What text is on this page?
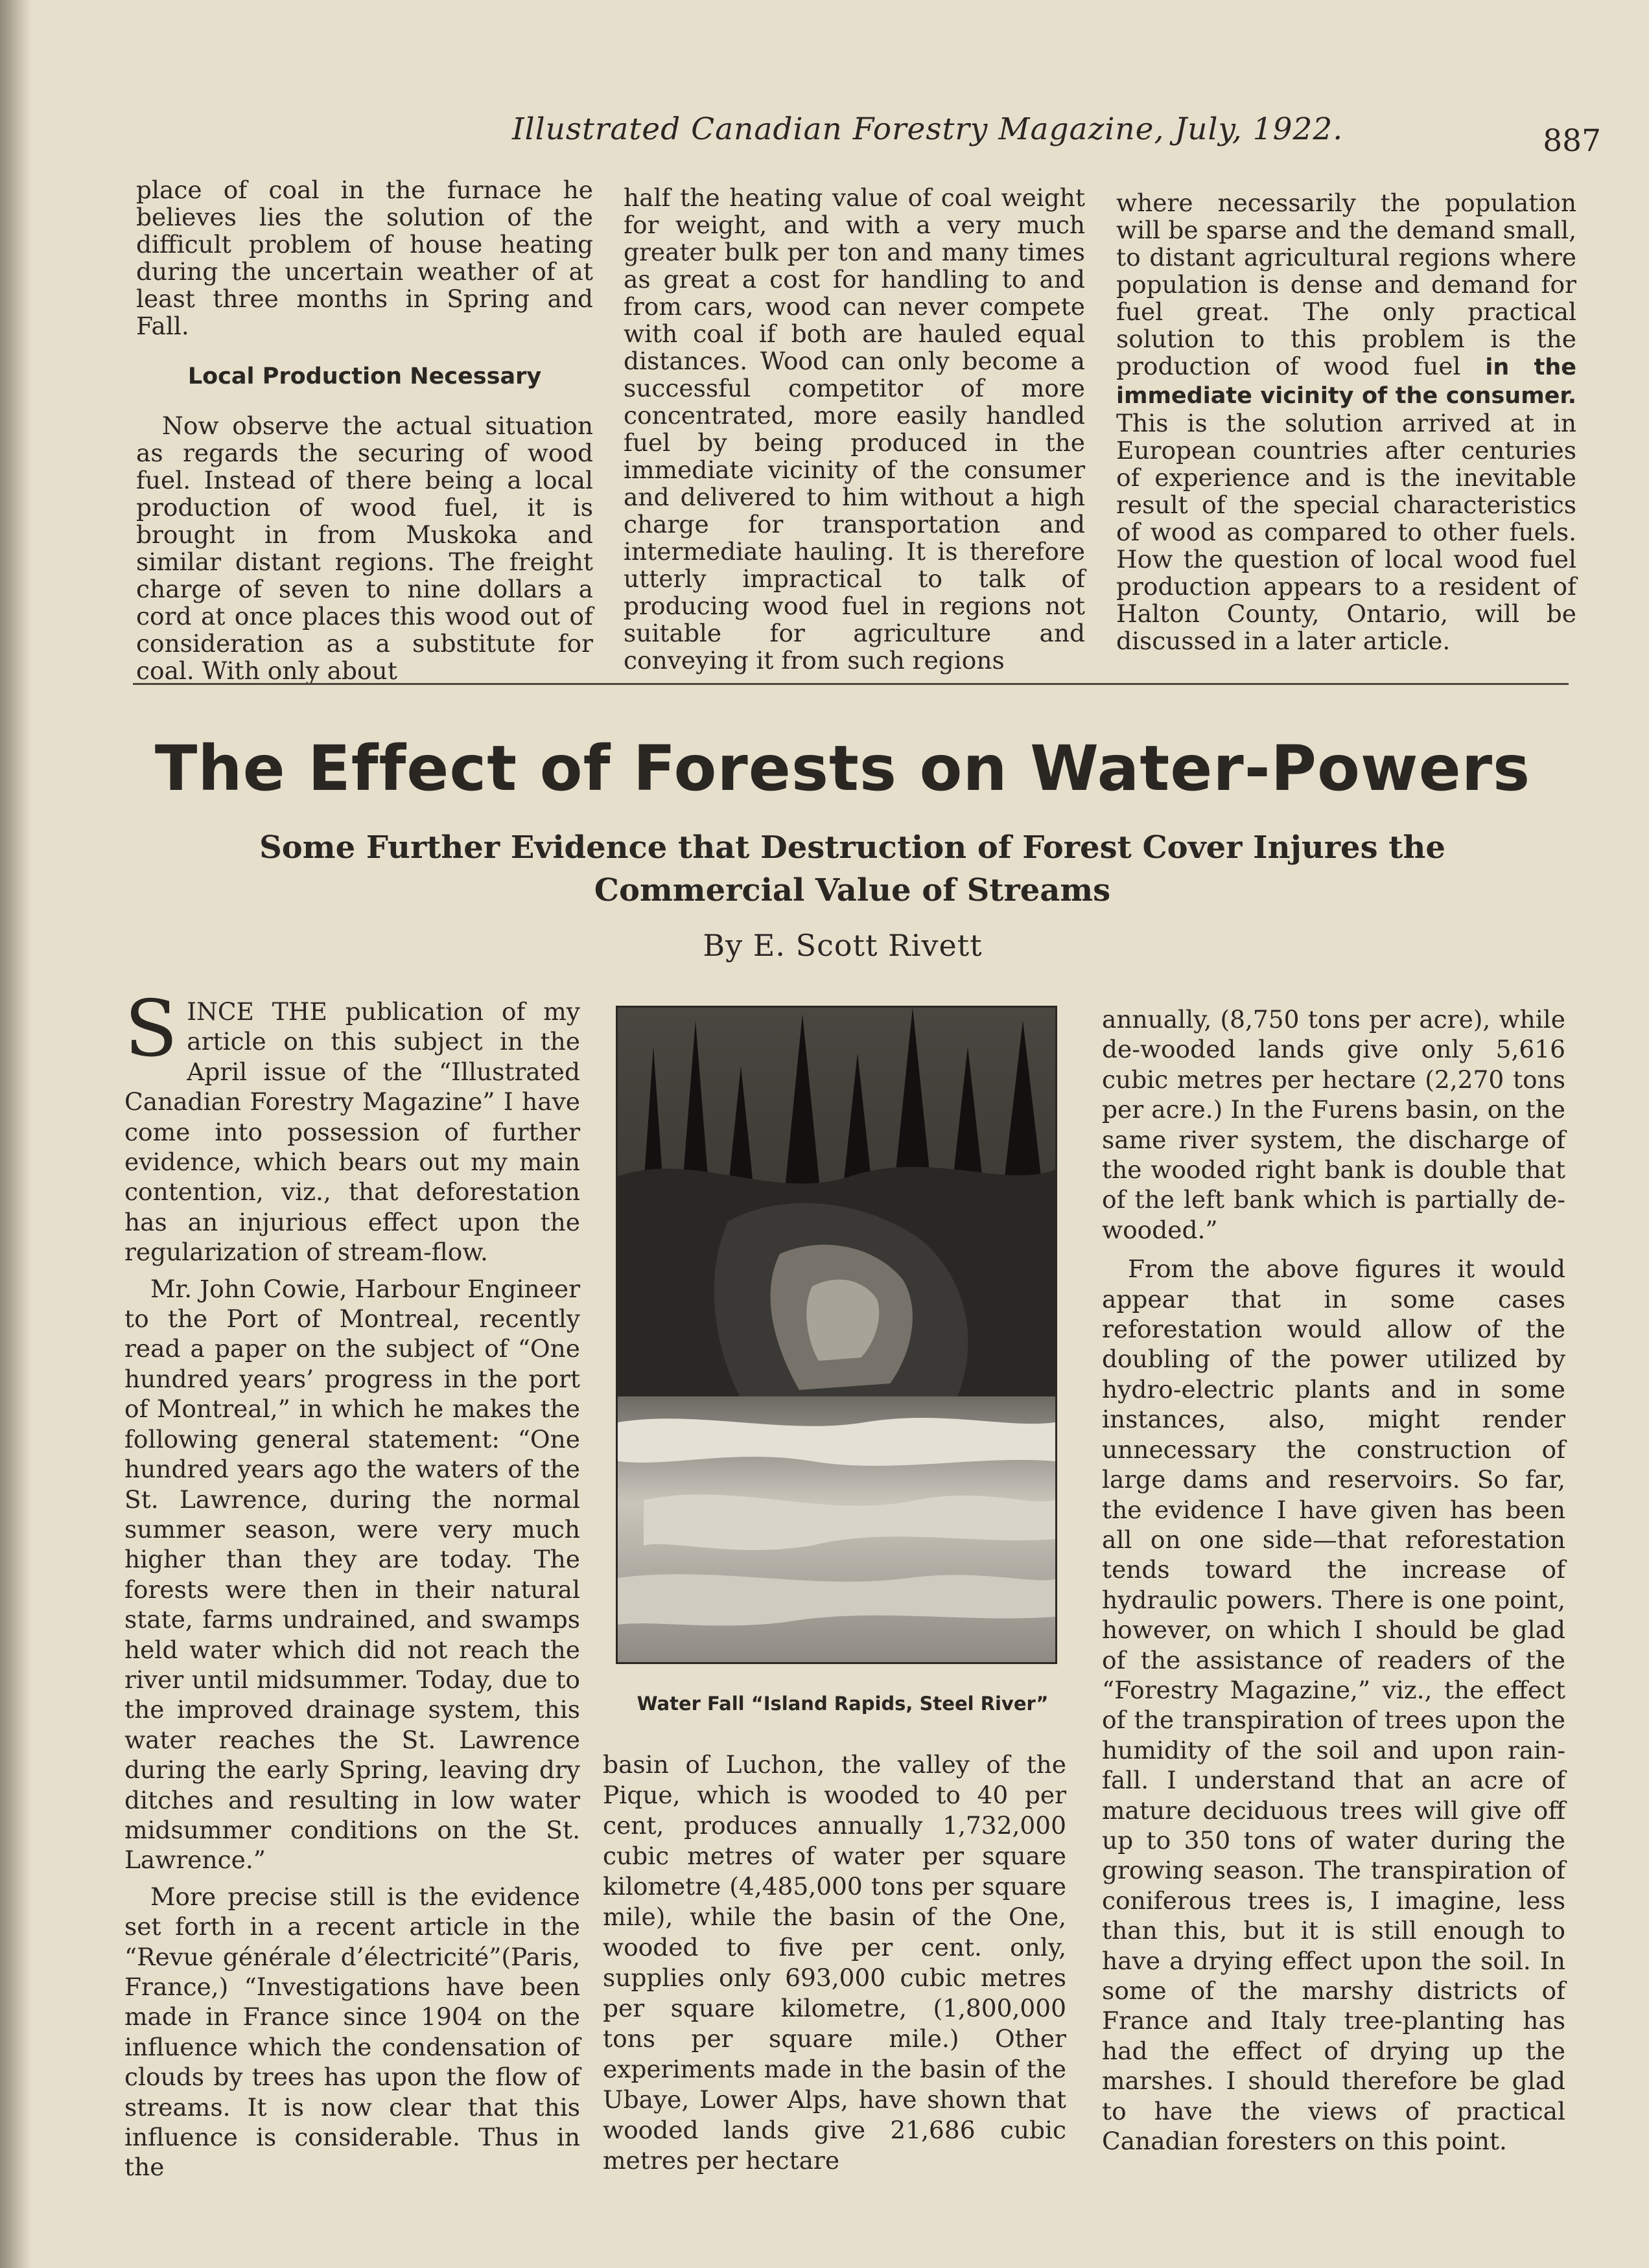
Illustrated Canadian Forestry Magazine, July, 1922.	887

place of coal in the furnace he believes lies the solution of the difficult problem of house heating during the uncertain weather of at least three months in Spring and Fall.

Local Production Necessary

Now observe the actual situation as regards the securing of wood fuel. Instead of there being a local production of wood fuel, it is brought in from Muskoka and similar distant regions. The freight charge of seven to nine dollars a cord at once places this wood out of consideration as a substitute for coal. With only about

half the heating value of coal weight for weight, and with a very much greater bulk per ton and many times as great a cost for handling to and from cars, wood can never compete with coal if both are hauled equal distances. Wood can only become a successful competitor of more concentrated, more easily handled fuel by being produced in the immediate vicinity of the consumer and delivered to him without a high charge for transportation and intermediate hauling. It is therefore utterly impractical to talk of producing wood fuel in regions not suitable for agriculture and conveying it from such regions

where necessarily the population will be sparse and the demand small, to distant agricultural regions where population is dense and demand for fuel great. The only practical solution to this problem is the production of wood fuel in the immediate vicinity of the consumer. This is the solution arrived at in European countries after centuries of experience and is the inevitable result of the special characteristics of wood as compared to other fuels. How the question of local wood fuel production appears to a resident of Halton County, Ontario, will be discussed in a later article.

The Effect of Forests on Water-Powers
Some Further Evidence that Destruction of Forest Cover Injures the Commercial Value of Streams
By E. Scott Rivett

SINCE THE publication of my article on this subject in the April issue of the “Illustrated Canadian Forestry Magazine” I have come into possession of further evidence, which bears out my main contention, viz., that deforestation has an injurious effect upon the regularization of stream-flow.

Mr. John Cowie, Harbour Engineer to the Port of Montreal, recently read a paper on the subject of “One hundred years’ progress in the port of Montreal,” in which he makes the following general statement: “One hundred years ago the waters of the St. Lawrence, during the normal summer season, were very much higher than they are today. The forests were then in their natural state, farms undrained, and swamps held water which did not reach the river until midsummer. Today, due to the improved drainage system, this water reaches the St. Lawrence during the early Spring, leaving dry ditches and resulting in low water midsummer conditions on the St. Lawrence.”

More precise still is the evidence set forth in a recent article in the “Revue générale d’électricité”(Paris, France,) “Investigations have been made in France since 1904 on the influence which the condensation of clouds by trees has upon the flow of streams. It is now clear that this influence is considerable. Thus in the

Water Fall “Island Rapids, Steel River”

basin of Luchon, the valley of the Pique, which is wooded to 40 per cent, produces annually 1,732,000 cubic metres of water per square kilometre (4,485,000 tons per square mile), while the basin of the One, wooded to five per cent. only, supplies only 693,000 cubic metres per square kilometre, (1,800,000 tons per square mile.) Other experiments made in the basin of the Ubaye, Lower Alps, have shown that wooded lands give 21,686 cubic metres per hectare

annually, (8,750 tons per acre), while de-wooded lands give only 5,616 cubic metres per hectare (2,270 tons per acre.) In the Furens basin, on the same river system, the discharge of the wooded right bank is double that of the left bank which is partially de-wooded.”

From the above figures it would appear that in some cases reforestation would allow of the doubling of the power utilized by hydro-electric plants and in some instances, also, might render unnecessary the construction of large dams and reservoirs. So far, the evidence I have given has been all on one side—that reforestation tends toward the increase of hydraulic powers. There is one point, however, on which I should be glad of the assistance of readers of the “Forestry Magazine,” viz., the effect of the transpiration of trees upon the humidity of the soil and upon rain-fall. I understand that an acre of mature deciduous trees will give off up to 350 tons of water during the growing season. The transpiration of coniferous trees is, I imagine, less than this, but it is still enough to have a drying effect upon the soil. In some of the marshy districts of France and Italy tree-planting has had the effect of drying up the marshes. I should therefore be glad to have the views of practical Canadian foresters on this point.
